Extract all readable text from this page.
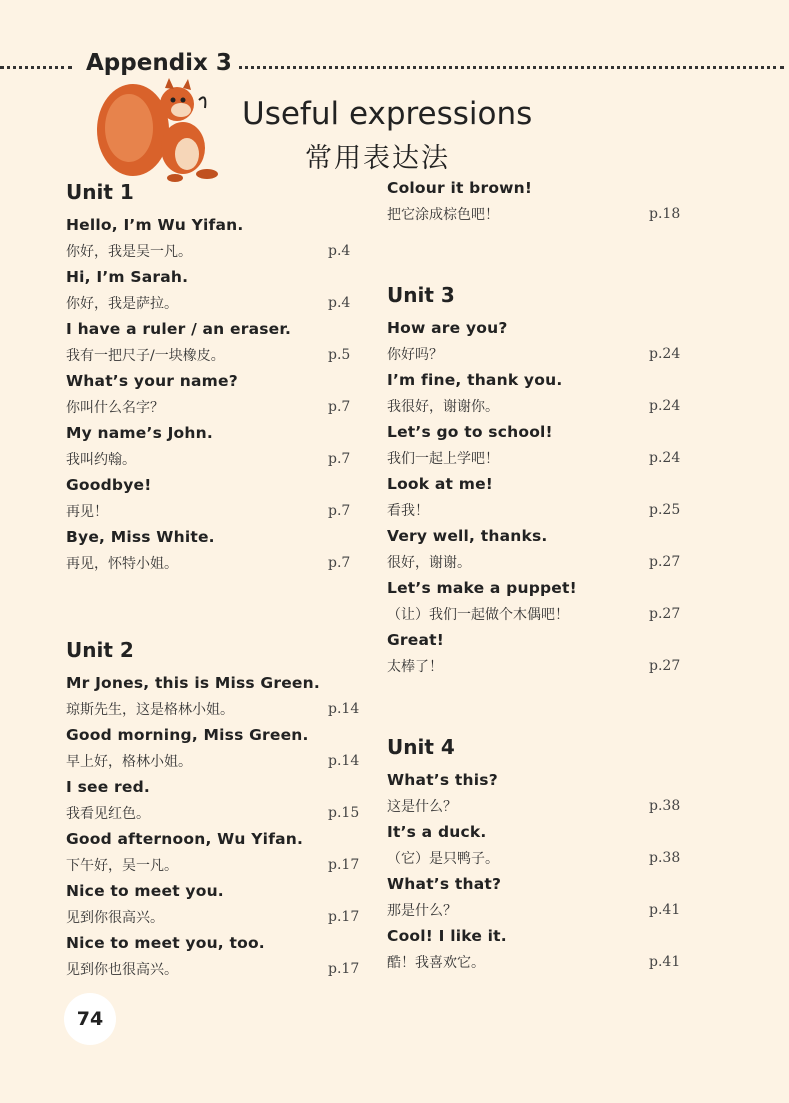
Appendix 3
Useful expressions
常用表达法
Unit 1
Hello, I’m Wu Yifan.
你好，我是吴一凡。	p.4
Hi, I’m Sarah.
你好，我是萨拉。	p.4
I have a ruler / an eraser.
我有一把尺子/一块橡皮。	p.5
What’s your name?
你叫什么名字？	p.7
My name’s John.
我叫约翰。	p.7
Goodbye!
再见！	p.7
Bye, Miss White.
再见，怀特小姐。	p.7
Unit 2
Mr Jones, this is Miss Green.
琼斯先生，这是格林小姐。	p.14
Good morning, Miss Green.
早上好，格林小姐。	p.14
I see red.
我看见红色。	p.15
Good afternoon, Wu Yifan.
下午好，吴一凡。	p.17
Nice to meet you.
见到你很高兴。	p.17
Nice to meet you, too.
见到你也很高兴。	p.17
Colour it brown!
把它涂成棕色吧！	p.18
Unit 3
How are you?
你好吗？	p.24
I’m fine, thank you.
我很好，谢谢你。	p.24
Let’s go to school!
我们一起上学吧！	p.24
Look at me!
看我！	p.25
Very well, thanks.
很好，谢谢。	p.27
Let’s make a puppet!
（让）我们一起做个木偶吧！	p.27
Great!
太棒了！	p.27
Unit 4
What’s this?
这是什么？	p.38
It’s a duck.
（它）是只鸭子。	p.38
What’s that?
那是什么？	p.41
Cool! I like it.
酷！我喜欢它。	p.41
74
